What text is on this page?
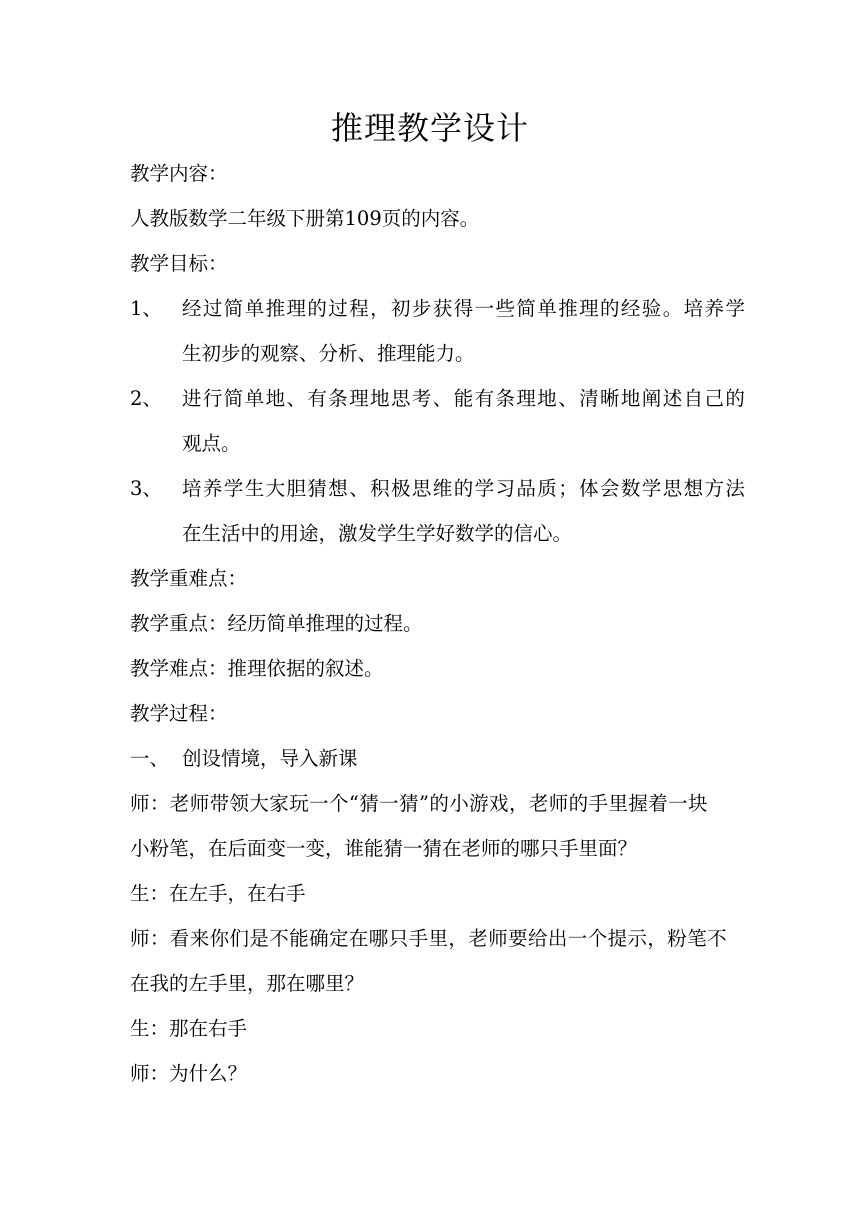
推理教学设计
教学内容：
人教版数学二年级下册第109页的内容。
教学目标：
1、 经过简单推理的过程，初步获得一些简单推理的经验。培养学
生初步的观察、分析、推理能力。
2、 进行简单地、有条理地思考、能有条理地、清晰地阐述自己的
观点。
3、 培养学生大胆猜想、积极思维的学习品质；体会数学思想方法
在生活中的用途，激发学生学好数学的信心。
教学重难点：
教学重点：经历简单推理的过程。
教学难点：推理依据的叙述。
教学过程：
一、 创设情境，导入新课
师：老师带领大家玩一个“猜一猜”的小游戏，老师的手里握着一块
小粉笔，在后面变一变，谁能猜一猜在老师的哪只手里面？
生：在左手，在右手
师：看来你们是不能确定在哪只手里，老师要给出一个提示，粉笔不
在我的左手里，那在哪里？
生：那在右手
师：为什么？
